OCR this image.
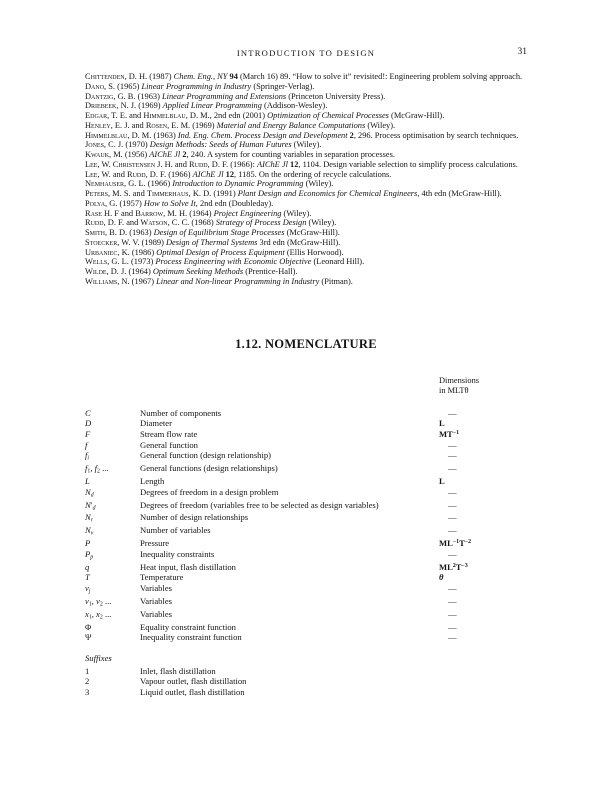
INTRODUCTION TO DESIGN	31

Chittenden, D. H. (1987) Chem. Eng., NY 94 (March 16) 89. “How to solve it” revisited!: Engineering problem solving approach.

Dano, S. (1965) Linear Programming in Industry (Springer-Verlag).

Dantzig, G. B. (1963) Linear Programming and Extensions (Princeton University Press).

Driebeek, N. J. (1969) Applied Linear Programming (Addison-Wesley).

Edgar, T. E. and Himmelblau, D. M., 2nd edn (2001) Optimization of Chemical Processes (McGraw-Hill).

Henley, E. J. and Rosen, E. M. (1969) Material and Energy Balance Computations (Wiley).

Himmelblau, D. M. (1963) Ind. Eng. Chem. Process Design and Development 2, 296. Process optimisation by search techniques.

Jones, C. J. (1970) Design Methods: Seeds of Human Futures (Wiley).

Kwauk, M. (1956) AIChE Jl 2, 240. A system for counting variables in separation processes.

Lee, W. Christensen J. H. and Rudd, D. F. (1966): AIChE Jl 12, 1104. Design variable selection to simplify process calculations.

Lee, W. and Rudd, D. F. (1966) AIChE Jl 12, 1185. On the ordering of recycle calculations.

Nemhauser, G. L. (1966) Introduction to Dynamic Programming (Wiley).

Peters, M. S. and Timmerhaus, K. D. (1991) Plant Design and Economics for Chemical Engineers, 4th edn (McGraw-Hill).

Polya, G. (1957) How to Solve It, 2nd edn (Doubleday).

Rase H. F and Barrow, M. H. (1964) Project Engineering (Wiley).

Rudd, D. F. and Watson, C. C. (1968) Strategy of Process Design (Wiley).

Smith, B. D. (1963) Design of Equilibrium Stage Processes (McGraw-Hill).

Stoecker, W. V. (1989) Design of Thermal Systems 3rd edn (McGraw-Hill).

Urbaniec, K. (1986) Optimal Design of Process Equipment (Ellis Horwood).

Wells, G. L. (1973) Process Engineering with Economic Objective (Leonard Hill).

Wilde, D. J. (1964) Optimum Seeking Methods (Prentice-Hall).

Williams, N. (1967) Linear and Non-linear Programming in Industry (Pitman).

1.12. NOMENCLATURE
Dimensions
in MLTθ
C	Number of components	—
D	Diameter	L
F	Stream flow rate	$MT^{-1}$
f	General function	—
fi	General function (design relationship)	—
f1, f2 ...	General functions (design relationships)	—
L	Length	L
Nd	Degrees of freedom in a design problem	—
N′d	Degrees of freedom (variables free to be selected as design variables)	—
Nr	Number of design relationships	—
Nv	Number of variables	—
P	Pressure	$ML^{-1}T^{-2}$
Pp	Inequality constraints	—
q	Heat input, flash distillation	$ML^2T^{-3}$
T	Temperature	θ
vj	Variables	—
v1, v2 ...	Variables	—
x1, x2 ...	Variables	—
Φ	Equality constraint function	—
Ψ	Inequality constraint function	—
Suffixes
1	Inlet, flash distillation
2	Vapour outlet, flash distillation
3	Liquid outlet, flash distillation
